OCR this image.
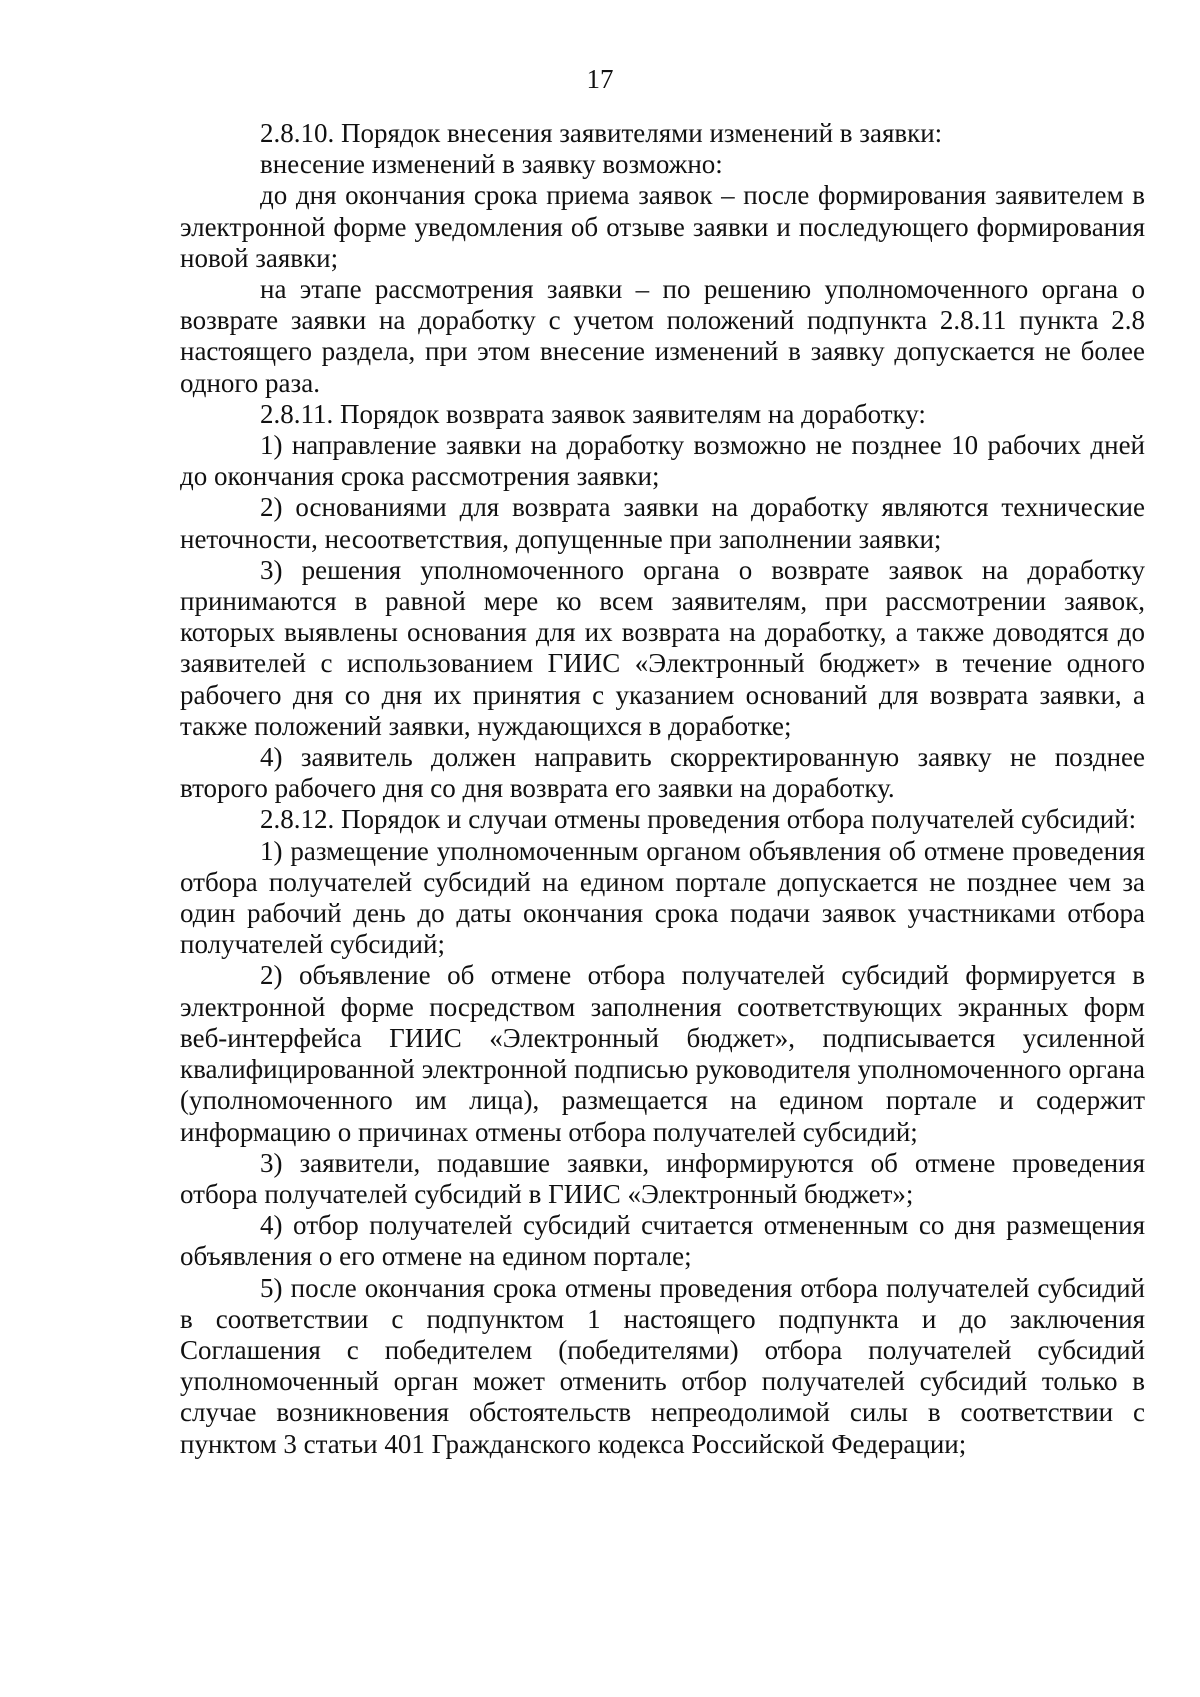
17

2.8.10. Порядок внесения заявителями изменений в заявки:

внесение изменений в заявку возможно:

до дня окончания срока приема заявок – после формирования заявителем в электронной форме уведомления об отзыве заявки и последующего формирования новой заявки;

на этапе рассмотрения заявки – по решению уполномоченного органа о возврате заявки на доработку с учетом положений подпункта 2.8.11 пункта 2.8 настоящего раздела, при этом внесение изменений в заявку допускается не более одного раза.

2.8.11. Порядок возврата заявок заявителям на доработку:

1) направление заявки на доработку возможно не позднее 10 рабочих дней до окончания срока рассмотрения заявки;

2) основаниями для возврата заявки на доработку являются технические неточности, несоответствия, допущенные при заполнении заявки;

3) решения уполномоченного органа о возврате заявок на доработку принимаются в равной мере ко всем заявителям, при рассмотрении заявок, которых выявлены основания для их возврата на доработку, а также доводятся до заявителей с использованием ГИИС «Электронный бюджет» в течение одного рабочего дня со дня их принятия с указанием оснований для возврата заявки, а также положений заявки, нуждающихся в доработке;

4) заявитель должен направить скорректированную заявку не позднее второго рабочего дня со дня возврата его заявки на доработку.

2.8.12. Порядок и случаи отмены проведения отбора получателей субсидий:

1) размещение уполномоченным органом объявления об отмене проведения отбора получателей субсидий на едином портале допускается не позднее чем за один рабочий день до даты окончания срока подачи заявок участниками отбора получателей субсидий;

2) объявление об отмене отбора получателей субсидий формируется в электронной форме посредством заполнения соответствующих экранных форм веб-интерфейса ГИИС «Электронный бюджет», подписывается усиленной квалифицированной электронной подписью руководителя уполномоченного органа (уполномоченного им лица), размещается на едином портале и содержит информацию о причинах отмены отбора получателей субсидий;

3) заявители, подавшие заявки, информируются об отмене проведения отбора получателей субсидий в ГИИС «Электронный бюджет»;

4) отбор получателей субсидий считается отмененным со дня размещения объявления о его отмене на едином портале;

5) после окончания срока отмены проведения отбора получателей субсидий в соответствии с подпунктом 1 настоящего подпункта и до заключения Соглашения с победителем (победителями) отбора получателей субсидий уполномоченный орган может отменить отбор получателей субсидий только в случае возникновения обстоятельств непреодолимой силы в соответствии с пунктом 3 статьи 401 Гражданского кодекса Российской Федерации;
